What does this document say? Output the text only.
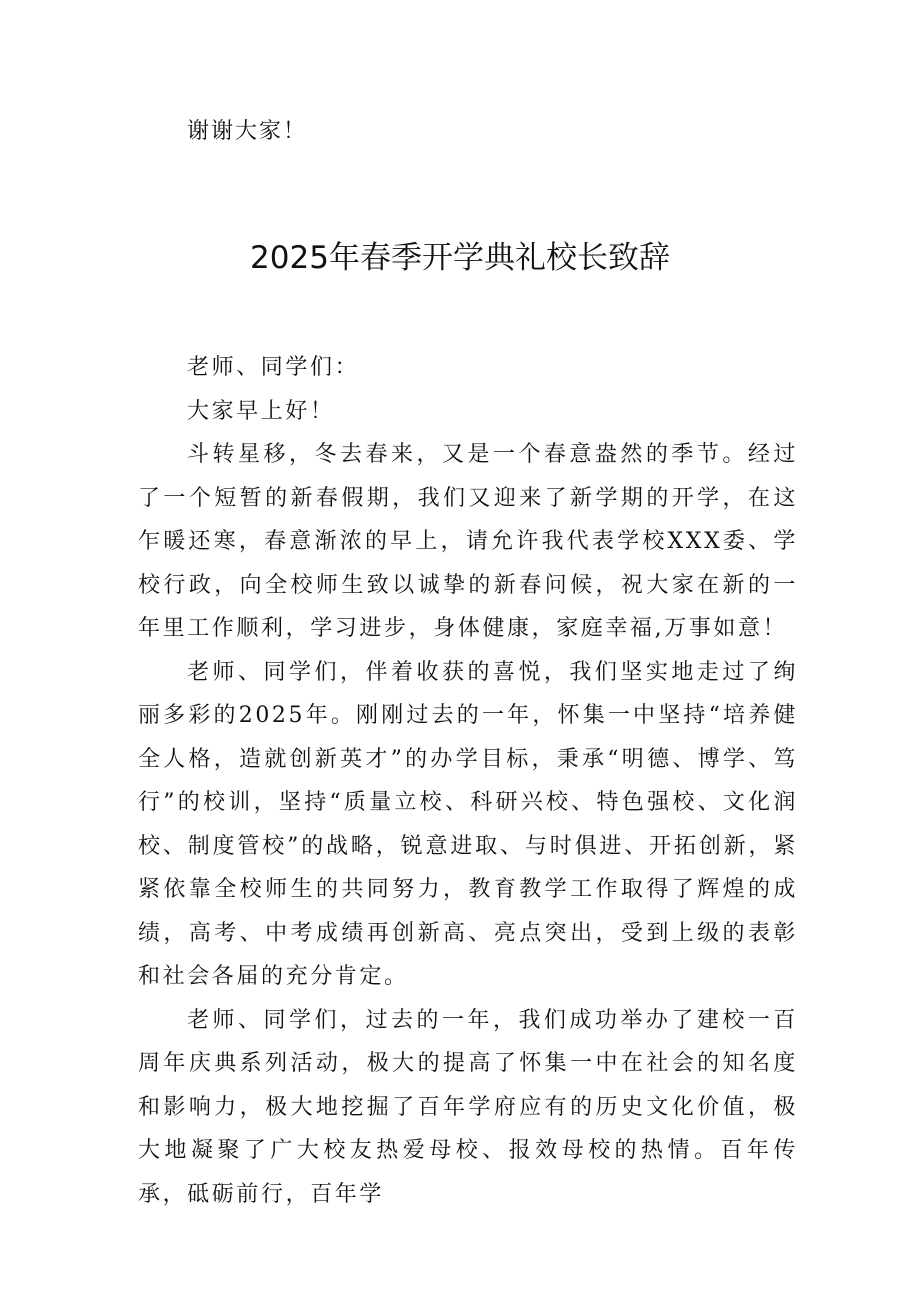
谢谢大家！
2025年春季开学典礼校长致辞

老师、同学们：

大家早上好！

斗转星移，冬去春来，又是一个春意盎然的季节。经过了一个短暂的新春假期，我们又迎来了新学期的开学，在这乍暖还寒，春意渐浓的早上，请允许我代表学校XXX委、学校行政，向全校师生致以诚挚的新春问候，祝大家在新的一年里工作顺利，学习进步，身体健康，家庭幸福,万事如意！

老师、同学们，伴着收获的喜悦，我们坚实地走过了绚丽多彩的2025年。刚刚过去的一年，怀集一中坚持“培养健全人格，造就创新英才”的办学目标，秉承“明德、博学、笃行”的校训，坚持“质量立校、科研兴校、特色强校、文化润校、制度管校”的战略，锐意进取、与时俱进、开拓创新，紧紧依靠全校师生的共同努力，教育教学工作取得了辉煌的成绩，高考、中考成绩再创新高、亮点突出，受到上级的表彰和社会各届的充分肯定。

老师、同学们，过去的一年，我们成功举办了建校一百周年庆典系列活动，极大的提高了怀集一中在社会的知名度和影响力，极大地挖掘了百年学府应有的历史文化价值，极大地凝聚了广大校友热爱母校、报效母校的热情。百年传承，砥砺前行，百年学
